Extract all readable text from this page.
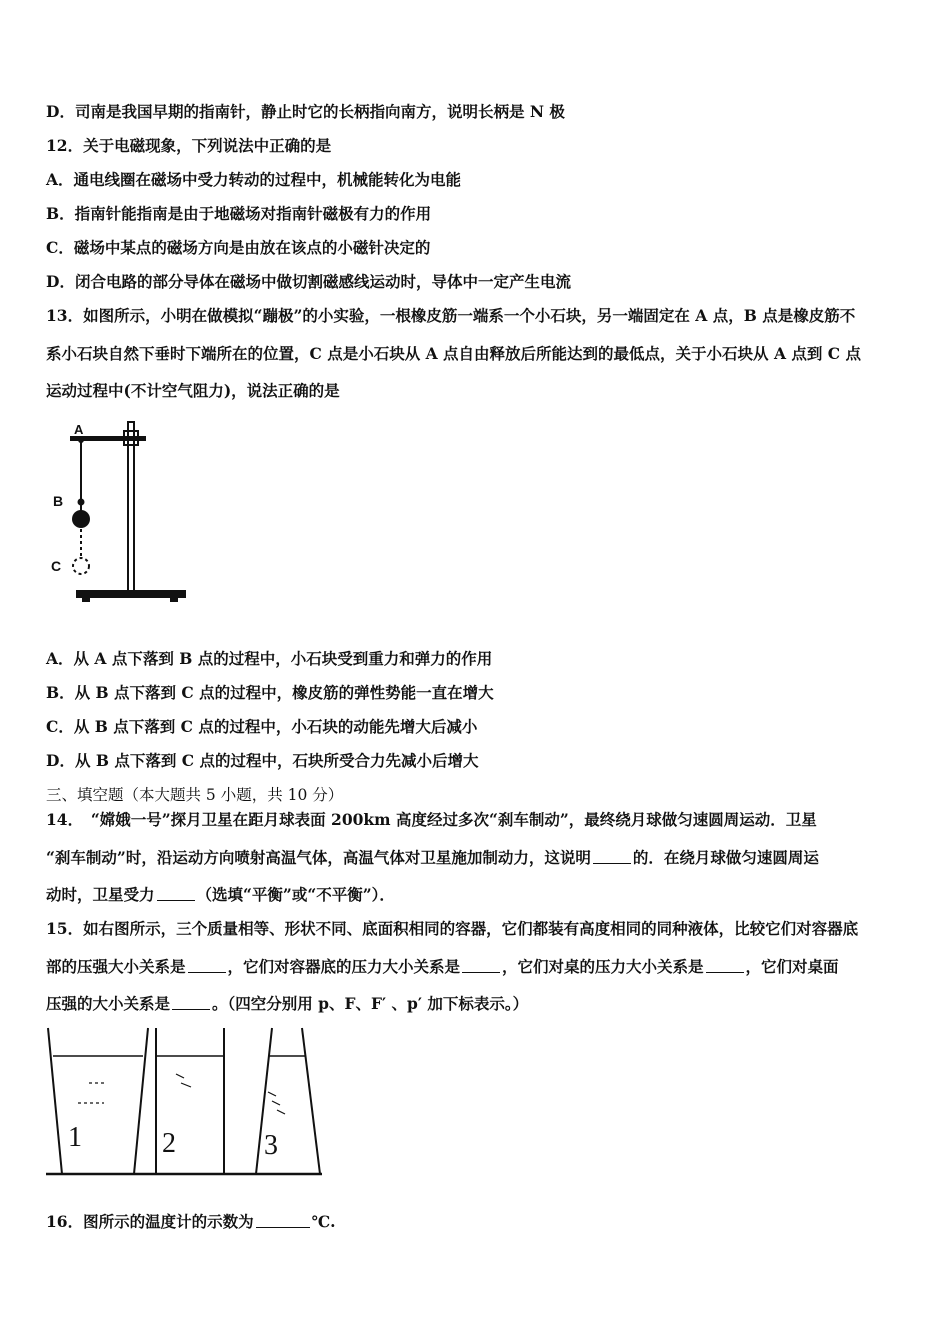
D．司南是我国早期的指南针，静止时它的长柄指向南方，说明长柄是 N 极
12．关于电磁现象，下列说法中正确的是
A．通电线圈在磁场中受力转动的过程中，机械能转化为电能
B．指南针能指南是由于地磁场对指南针磁极有力的作用
C．磁场中某点的磁场方向是由放在该点的小磁针决定的
D．闭合电路的部分导体在磁场中做切割磁感线运动时，导体中一定产生电流
13．如图所示，小明在做模拟“蹦极”的小实验，一根橡皮筋一端系一个小石块，另一端固定在 A 点，B 点是橡皮筋不
系小石块自然下垂时下端所在的位置，C 点是小石块从 A 点自由释放后所能达到的最低点，关于小石块从 A 点到 C 点
运动过程中(不计空气阻力)，说法正确的是
A
B
C
A．从 A 点下落到 B 点的过程中，小石块受到重力和弹力的作用
B．从 B 点下落到 C 点的过程中，橡皮筋的弹性势能一直在增大
C．从 B 点下落到 C 点的过程中，小石块的动能先增大后减小
D．从 B 点下落到 C 点的过程中，石块所受合力先减小后增大
三、填空题（本大题共 5 小题，共 10 分）
14．　“嫦娥一号”探月卫星在距月球表面 200km 高度经过多次“刹车制动”，最终绕月球做匀速圆周运动．卫星
“刹车制动”时，沿运动方向喷射高温气体，高温气体对卫星施加制动力，这说明	的．在绕月球做匀速圆周运
动时，卫星受力	（选填“平衡”或“不平衡”）．
15．如右图所示，三个质量相等、形状不同、底面积相同的容器，它们都装有高度相同的同种液体，比较它们对容器底
部的压强大小关系是	，它们对容器底的压力大小关系是	，它们对桌的压力大小关系是	，它们对桌面
压强的大小关系是	。（四空分别用 p、F、F′ 、p′ 加下标表示。）
1	2	3
16．图所示的温度计的示数为	℃.
